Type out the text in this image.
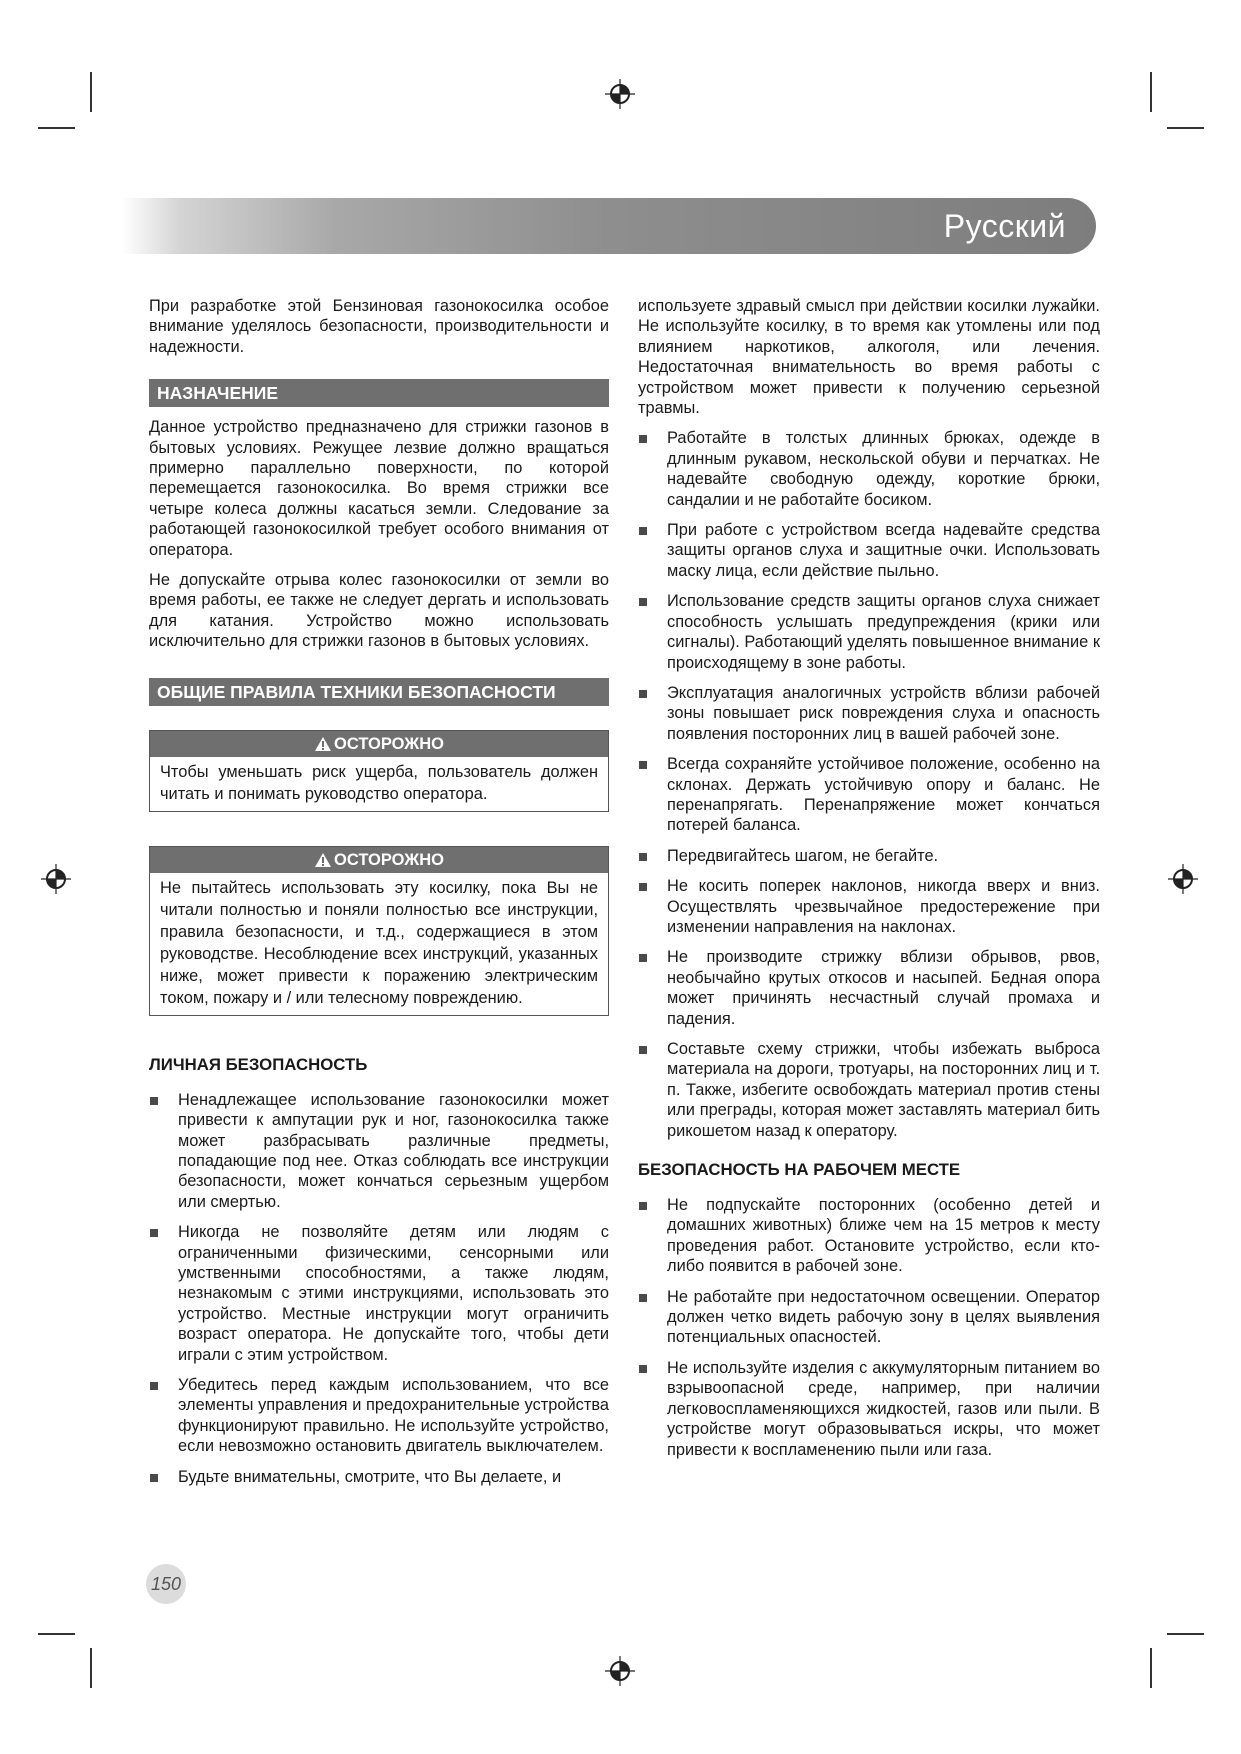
Русский

При разработке этой Бензиновая газонокосилка особое внимание уделялось безопасности, производительности и надежности.

НАЗНАЧЕНИЕ

Данное устройство предназначено для стрижки газонов в бытовых условиях. Режущее лезвие должно вращаться примерно параллельно поверхности, по которой перемещается газонокосилка. Во время стрижки все четыре колеса должны касаться земли. Следование за работающей газонокосилкой требует особого внимания от оператора.

Не допускайте отрыва колес газонокосилки от земли во время работы, ее также не следует дергать и использовать для катания. Устройство можно использовать исключительно для стрижки газонов в бытовых условиях.

ОБЩИЕ ПРАВИЛА ТЕХНИКИ БЕЗОПАСНОСТИ
ОСТОРОЖНО
Чтобы уменьшать риск ущерба, пользователь должен читать и понимать руководство оператора.
ОСТОРОЖНО
Не пытайтесь использовать эту косилку, пока Вы не читали полностью и поняли полностью все инструкции, правила безопасности, и т.д., содержащиеся в этом руководстве. Несоблюдение всех инструкций, указанных ниже, может привести к поражению электрическим током, пожару и / или телесному повреждению.
ЛИЧНАЯ БЕЗОПАСНОСТЬ
Ненадлежащее использование газонокосилки может привести к ампутации рук и ног, газонокосилка также может разбрасывать различные предметы, попадающие под нее. Отказ соблюдать все инструкции безопасности, может кончаться серьезным ущербом или смертью.
Никогда не позволяйте детям или людям с ограниченными физическими, сенсорными или умственными способностями, а также людям, незнакомым с этими инструкциями, использовать это устройство. Местные инструкции могут ограничить возраст оператора. Не допускайте того, чтобы дети играли с этим устройством.
Убедитесь перед каждым использованием, что все элементы управления и предохранительные устройства функционируют правильно. Не используйте устройство, если невозможно остановить двигатель выключателем.
Будьте внимательны, смотрите, что Вы делаете, и

используете здравый смысл при действии косилки лужайки. Не используйте косилку, в то время как утомлены или под влиянием наркотиков, алкоголя, или лечения. Недостаточная внимательность во время работы с устройством может привести к получению серьезной травмы.

Работайте в толстых длинных брюках, одежде в длинным рукавом, нескольской обуви и перчатках. Не надевайте свободную одежду, короткие брюки, сандалии и не работайте босиком.
При работе с устройством всегда надевайте средства защиты органов слуха и защитные очки. Использовать маску лица, если действие пыльно.
Использование средств защиты органов слуха снижает способность услышать предупреждения (крики или сигналы). Работающий уделять повышенное внимание к происходящему в зоне работы.
Эксплуатация аналогичных устройств вблизи рабочей зоны повышает риск повреждения слуха и опасность появления посторонних лиц в вашей рабочей зоне.
Всегда сохраняйте устойчивое положение, особенно на склонах. Держать устойчивую опору и баланс. Не перенапрягать. Перенапряжение может кончаться потерей баланса.
Передвигайтесь шагом, не бегайте.
Не косить поперек наклонов, никогда вверх и вниз. Осуществлять чрезвычайное предостережение при изменении направления на наклонах.
Не производите стрижку вблизи обрывов, рвов, необычайно крутых откосов и насыпей. Бедная опора может причинять несчастный случай промаха и падения.
Составьте схему стрижки, чтобы избежать выброса материала на дороги, тротуары, на посторонних лиц и т. п. Также, избегите освобождать материал против стены или преграды, которая может заставлять материал бить рикошетом назад к оператору.
БЕЗОПАСНОСТЬ НА РАБОЧЕМ МЕСТЕ
Не подпускайте посторонних (особенно детей и домашних животных) ближе чем на 15 метров к месту проведения работ. Остановите устройство, если кто-либо появится в рабочей зоне.
Не работайте при недостаточном освещении. Оператор должен четко видеть рабочую зону в целях выявления потенциальных опасностей.
Не используйте изделия с аккумуляторным питанием во взрывоопасной среде, например, при наличии легковоспламеняющихся жидкостей, газов или пыли. В устройстве могут образовываться искры, что может привести к воспламенению пыли или газа.
150
